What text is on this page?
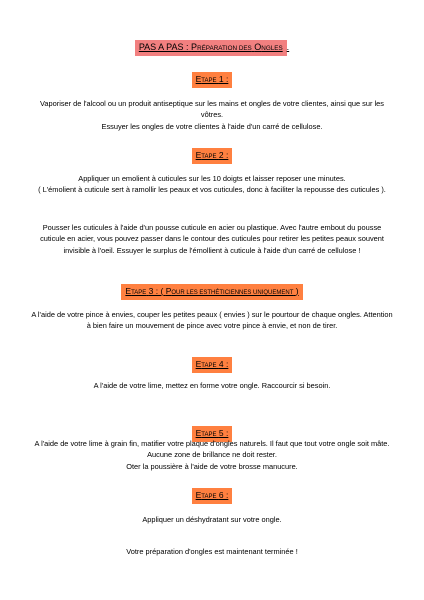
PAS A PAS : PRÉPARATION DES ONGLES .
ETAPE 1 :

Vaporiser de l'alcool ou un produit antiseptique sur les mains et ongles de votre clientes, ainsi que sur les vôtres.

Essuyer les ongles de votre clientes à l'aide d'un carré de cellulose.

ETAPE 2 :

Appliquer un emolient à cuticules sur les 10 doigts et laisser reposer une minutes.

( L'émolient à cuticule sert à ramollir les peaux et vos cuticules, donc à faciliter la repousse des cuticules ).

Pousser les cuticules à l'aide d'un pousse cuticule en acier ou plastique. Avec l'autre embout du pousse cuticule en acier, vous pouvez passer dans le contour des cuticules pour retirer les petites peaux souvent invisible à l'oeil. Essuyer le surplus de l'émollient à cuticule à l'aide d'un carré de cellulose !

ETAPE 3 : ( POUR LES ESTHÉTICIENNES UNIQUEMENT )

A l'aide de votre pince à envies, couper les petites peaux ( envies ) sur le pourtour de chaque ongles. Attention à bien faire un mouvement de pince avec votre pince à envie, et non de tirer.

ETAPE 4 :

A l'aide de votre lime, mettez en forme votre ongle. Raccourcir si besoin.

ETAPE 5 :

A l'aide de votre lime à grain fin, matifier votre plaque d'ongles naturels. Il faut que tout votre ongle soit mâte. Aucune zone de brillance ne doit rester.

Oter la poussière à l'aide de votre brosse manucure.

ETAPE 6 :

Appliquer un déshydratant sur votre ongle.

Votre préparation d'ongles est maintenant terminée !
